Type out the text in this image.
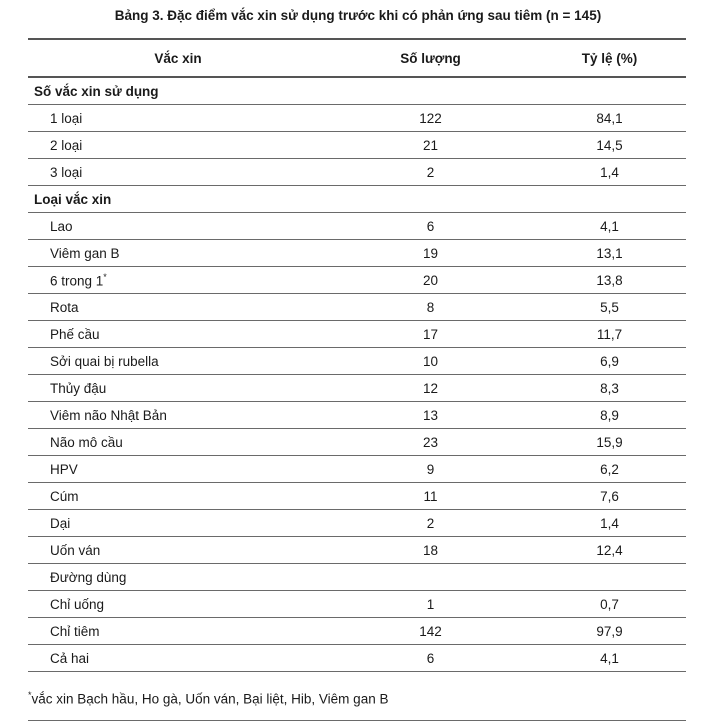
Bảng 3. Đặc điểm vắc xin sử dụng trước khi có phản ứng sau tiêm (n = 145)
Vắc xin	Số lượng	Tỷ lệ (%)
Số vắc xin sử dụng		
1 loại	122	84,1
2 loại	21	14,5
3 loại	2	1,4
Loại vắc xin		
Lao	6	4,1
Viêm gan B	19	13,1
6 trong 1*	20	13,8
Rota	8	5,5
Phế cầu	17	11,7
Sởi quai bị rubella	10	6,9
Thủy đậu	12	8,3
Viêm não Nhật Bản	13	8,9
Não mô cầu	23	15,9
HPV	9	6,2
Cúm	11	7,6
Dại	2	1,4
Uốn ván	18	12,4
Đường dùng		
Chỉ uống	1	0,7
Chỉ tiêm	142	97,9
Cả hai	6	4,1
*vắc xin Bạch hầu, Ho gà, Uốn ván, Bại liệt, Hib, Viêm gan B
